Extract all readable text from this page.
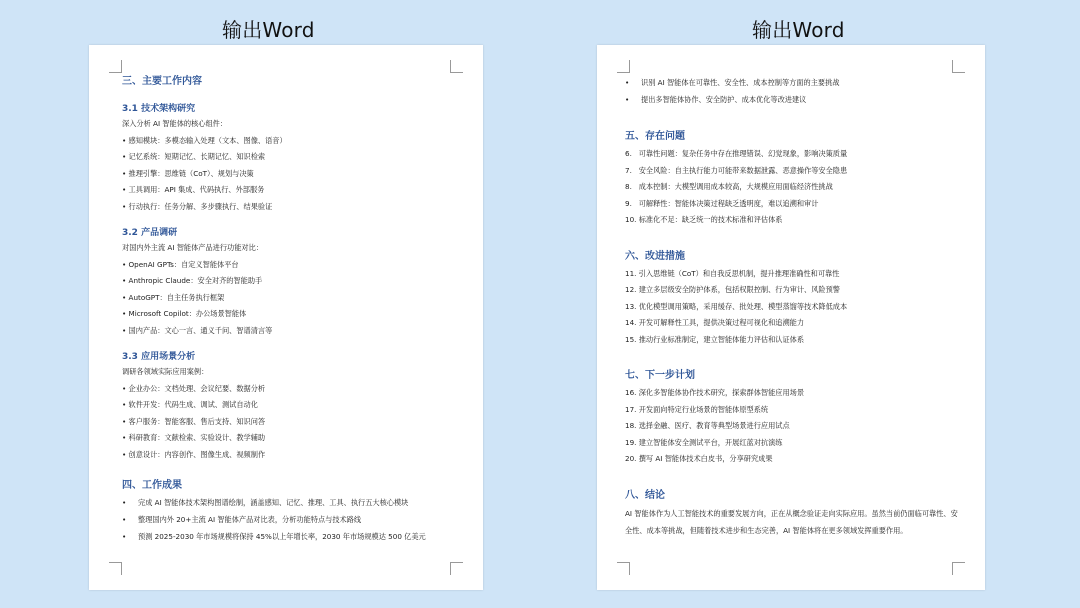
输出Word	输出Word
三、主要工作内容
3.1 技术架构研究
深入分析 AI 智能体的核心组件：
• 感知模块：多模态输入处理（文本、图像、语音）
• 记忆系统：短期记忆、长期记忆、知识检索
• 推理引擎：思维链（CoT）、规划与决策
• 工具调用：API 集成、代码执行、外部服务
• 行动执行：任务分解、多步骤执行、结果验证
3.2 产品调研
对国内外主流 AI 智能体产品进行功能对比：
• OpenAI GPTs：自定义智能体平台
• Anthropic Claude：安全对齐的智能助手
• AutoGPT：自主任务执行框架
• Microsoft Copilot：办公场景智能体
• 国内产品：文心一言、通义千问、智谱清言等
3.3 应用场景分析
调研各领域实际应用案例：
• 企业办公：文档处理、会议纪要、数据分析
• 软件开发：代码生成、调试、测试自动化
• 客户服务：智能客服、售后支持、知识问答
• 科研教育：文献检索、实验设计、教学辅助
• 创意设计：内容创作、图像生成、视频制作
四、工作成果
• 完成 AI 智能体技术架构图谱绘制，涵盖感知、记忆、推理、工具、执行五大核心模块
• 整理国内外 20+主流 AI 智能体产品对比表，分析功能特点与技术路线
• 预测 2025-2030 年市场规模将保持 45%以上年增长率，2030 年市场规模达 500 亿美元
• 识别 AI 智能体在可靠性、安全性、成本控制等方面的主要挑战
• 提出多智能体协作、安全防护、成本优化等改进建议
五、存在问题
6.   可靠性问题：复杂任务中存在推理错误、幻觉现象，影响决策质量
7.   安全风险：自主执行能力可能带来数据泄露、恶意操作等安全隐患
8.   成本控制：大模型调用成本较高，大规模应用面临经济性挑战
9.   可解释性：智能体决策过程缺乏透明度，难以追溯和审计
10. 标准化不足：缺乏统一的技术标准和评估体系
六、改进措施
11. 引入思维链（CoT）和自我反思机制，提升推理准确性和可靠性
12. 建立多层级安全防护体系，包括权限控制、行为审计、风险预警
13. 优化模型调用策略，采用缓存、批处理、模型蒸馏等技术降低成本
14. 开发可解释性工具，提供决策过程可视化和追溯能力
15. 推动行业标准制定，建立智能体能力评估和认证体系
七、下一步计划
16. 深化多智能体协作技术研究，探索群体智能应用场景
17. 开发面向特定行业场景的智能体原型系统
18. 选择金融、医疗、教育等典型场景进行应用试点
19. 建立智能体安全测试平台，开展红蓝对抗演练
20. 撰写 AI 智能体技术白皮书，分享研究成果
八、结论
AI 智能体作为人工智能技术的重要发展方向，正在从概念验证走向实际应用。虽然当前仍面临可靠性、安全性、成本等挑战，但随着技术进步和生态完善，AI 智能体将在更多领域发挥重要作用。
